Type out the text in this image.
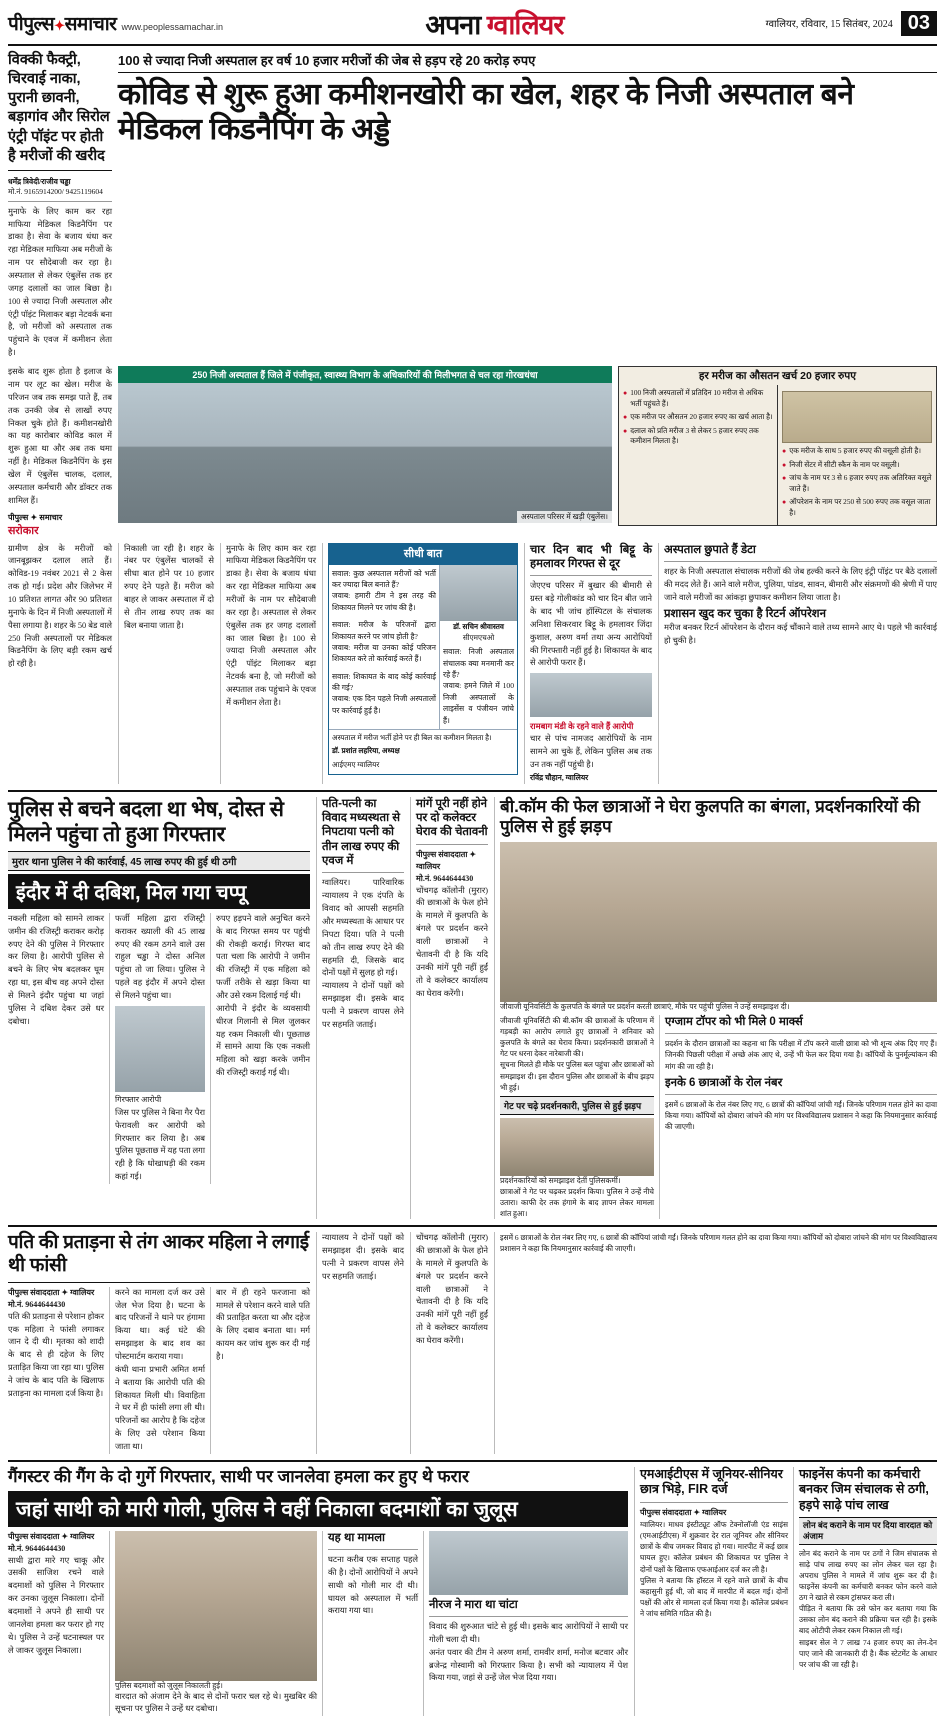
पीपुल्स✦समाचार www.peoplessamachar.in	अपना ग्वालियर	ग्वालियर, रविवार, 15 सितंबर, 2024 03
विक्की फैक्ट्री, चिरवाई नाका, पुरानी छावनी, बड़ागांव और सिरोल एंट्री पॉइंट पर होती है मरीजों की खरीद
धर्मेंद्र त्रिवेदी/राजीव चड्ढा
मो.नं. 9165914200/ 9425119604
मुनाफे के लिए काम कर रहा माफिया मेडिकल किडनैपिंग पर डाका है। सेवा के बजाय धंधा कर रहा मेडिकल माफिया अब मरीजों के नाम पर सौदेबाजी कर रहा है। अस्पताल से लेकर एंबुलेंस तक हर जगह दलालों का जाल बिछा है। 100 से ज्यादा निजी अस्पताल और एंट्री पॉइंट मिलाकर बड़ा नेटवर्क बना है, जो मरीजों को अस्पताल तक पहुंचाने के एवज में कमीशन लेता है।
100 से ज्यादा निजी अस्पताल हर वर्ष 10 हजार मरीजों की जेब से हड़प रहे 20 करोड़ रुपए
कोविड से शुरू हुआ कमीशनखोरी का खेल, शहर के निजी अस्पताल बने मेडिकल किडनैपिंग के अड्डे
इसके बाद शुरू होता है इलाज के नाम पर लूट का खेल। मरीज के परिजन जब तक समझ पाते हैं, तब तक उनकी जेब से लाखों रुपए निकल चुके होते हैं। कमीशनखोरी का यह कारोबार कोविड काल में शुरू हुआ था और अब तक थमा नहीं है। मेडिकल किडनैपिंग के इस खेल में एंबुलेंस चालक, दलाल, अस्पताल कर्मचारी और डॉक्टर तक शामिल हैं।
पीपुल्स ✦ समाचार
सरोकार
250 निजी अस्पताल हैं जिले में पंजीकृत, स्वास्थ्य विभाग के अधिकारियों की मिलीभगत से चल रहा गोरखधंधा
अस्पताल परिसर में खड़ी एंबुलेंस।
हर मरीज का औसतन खर्च 20 हजार रुपए
● 100 निजी अस्पतालों में प्रतिदिन 10 मरीज से अधिक भर्ती पहुंचते हैं।
● एक मरीज पर औसतन 20 हजार रुपए का खर्च आता है।
● दलाल को प्रति मरीज 3 से लेकर 5 हजार रुपए तक कमीशन मिलता है।
● एक मरीज के साथ 5 हजार रुपए की वसूली होती है।
● निजी सेंटर में सीटी स्कैन के नाम पर वसूली।
● जांच के नाम पर 3 से 6 हजार रुपए तक अतिरिक्त वसूले जाते हैं।
● ऑपरेशन के नाम पर 250 से 500 रुपए तक वसूल जाता है।
ग्रामीण क्षेत्र के मरीजों को जानबूझकर दलाल लाते हैं। कोविड-19 नवंबर 2021 से 2 केस तक हो गई। प्रदेश और जिलेभर में 10 प्रतिशत लागत और 90 प्रतिशत मुनाफे के दिन में निजी अस्पतालों में पैसा लगाया है। शहर के 50 बेड वाले 250 निजी अस्पतालों पर मेडिकल किडनैपिंग के लिए बड़ी रकम खर्च हो रही है।
निकाली जा रही है। शहर के नंबर पर एंबुलेंस चालकों से सीधा बात होने पर 10 हजार रुपए देने पड़ते हैं। मरीज को बाहर ले जाकर अस्पताल में दो से तीन लाख रुपए तक का बिल बनाया जाता है।
मुनाफे के लिए काम कर रहा माफिया मेडिकल किडनैपिंग पर डाका है। सेवा के बजाय धंधा कर रहा मेडिकल माफिया अब मरीजों के नाम पर सौदेबाजी कर रहा है। अस्पताल से लेकर एंबुलेंस तक हर जगह दलालों का जाल बिछा है। 100 से ज्यादा निजी अस्पताल और एंट्री पॉइंट मिलाकर बड़ा नेटवर्क बना है, जो मरीजों को अस्पताल तक पहुंचाने के एवज में कमीशन लेता है।
सीधी बात
सवाल: कुछ अस्पताल मरीजों को भर्ती कर ज्यादा बिल बनाते हैं?
जवाब: हमारी टीम ने इस तरह की शिकायत मिलने पर जांच की है।
सवाल: मरीज के परिजनों द्वारा शिकायत करने पर जांच होती है?
जवाब: मरीज या उनका कोई परिजन शिकायत करे तो कार्रवाई करते हैं।
सवाल: शिकायत के बाद कोई कार्रवाई की गई?
जवाब: एक दिन पहले निजी अस्पतालों पर कार्रवाई हुई है।
डॉ. सचिन श्रीवास्तव
सीएमएचओ
सवाल: निजी अस्पताल संचालक क्या मनमानी कर रहे हैं?
जवाब: हमने जिले में 100 निजी अस्पतालों के लाइसेंस व पंजीयन जांचे हैं।
अस्पताल में मरीज भर्ती होने पर ही बिल का कमीशन मिलता है।
डॉ. प्रशांत लहरिया, अध्यक्ष
आईएमए ग्वालियर
चार दिन बाद भी बिट्टू के हमलावर गिरफ्त से दूर
जेएएच परिसर में बुखार की बीमारी से ग्रस्त बड़े गोलीकांड को चार दिन बीत जाने के बाद भी जांच हॉस्पिटल के संचालक अनिशा सिकरवार बिट्टू के हमलावर जिंदा कुशाल, अरुण वर्मा तथा अन्य आरोपियों की गिरफ्तारी नहीं हुई है। शिकायत के बाद से आरोपी फरार हैं।
रामबाग मंडी के रहने वाले हैं आरोपी
चार से पांच नामजद आरोपियों के नाम सामने आ चुके हैं, लेकिन पुलिस अब तक उन तक नहीं पहुंची है।
रविंद्र चौहान, ग्वालियर
अस्पताल छुपाते हैं डेटा
शहर के निजी अस्पताल संचालक मरीजों की जेब हल्की करने के लिए इंट्री पॉइंट पर बैठे दलालों की मदद लेते हैं। आने वाले मरीज, पुलिया, पांडव, सावन, बीमारी और संक्रमणों की श्रेणी में पाए जाने वाले मरीजों का आंकड़ा छुपाकर कमीशन लिया जाता है।
प्रशासन खुद कर चुका है रिटर्न ऑपरेशन
मरीज बनकर रिटर्न ऑपरेशन के दौरान कई चौंकाने वाले तथ्य सामने आए थे। पहले भी कार्रवाई हो चुकी है।
पुलिस से बचने बदला था भेष, दोस्त से मिलने पहुंचा तो हुआ गिरफ्तार
मुरार थाना पुलिस ने की कार्रवाई, 45 लाख रुपए की हुई थी ठगी
इंदौर में दी दबिश, मिल गया चप्पू
नकली महिला को सामने लाकर जमीन की रजिस्ट्री कराकर करोड़ रुपए देने की पुलिस ने गिरफ्तार कर लिया है। आरोपी पुलिस से बचने के लिए भेष बदलकर घूम रहा था, इस बीच वह अपने दोस्त से मिलने इंदौर पहुंचा था जहां पुलिस ने दबिश देकर उसे धर दबोचा।
फर्जी महिला द्वारा रजिस्ट्री कराकर ख्याली की 45 लाख रुपए की रकम ठगने वाले उस राहुल चड्ढा ने दोस्त अनिल पहुंचा तो जा लिया। पुलिस ने पहले वह इंदौर में अपने दोस्त से मिलने पहुंचा था।
गिरफ्तार आरोपी
जिस पर पुलिस ने बिना गैर पैरा फेरावली कर आरोपी को गिरफ्तार कर लिया है। अब पुलिस पूछताछ में यह पता लगा रही है कि धोखाधड़ी की रकम कहां गई।
रुपए हड़पने वाले अनुचित करने के बाद गिरफ्त समय पर पहुंची की रोकड़ी कराई। गिरफ्त बाद पता चला कि आरोपी ने जमीन की रजिस्ट्री में एक महिला को फर्जी तरीके से खड़ा किया था और उसे रकम दिलाई गई थी।
आरोपी ने इंदौर के व्यवसायी धीरज गिलानी से मिल जुलकर यह रकम निकाली थी। पूछताछ में सामने आया कि एक नकली महिला को खड़ा करके जमीन की रजिस्ट्री कराई गई थी।
पति-पत्नी का विवाद मध्यस्थता से निपटाया पत्नी को तीन लाख रुपए की एवज में
ग्वालियर। पारिवारिक न्यायालय ने एक दंपति के विवाद को आपसी सहमति और मध्यस्थता के आधार पर निपटा दिया। पति ने पत्नी को तीन लाख रुपए देने की सहमति दी, जिसके बाद दोनों पक्षों में सुलह हो गई।
न्यायालय ने दोनों पक्षों को समझाइश दी। इसके बाद पत्नी ने प्रकरण वापस लेने पर सहमति जताई।
मांगें पूरी नहीं होने पर दो कलेक्टर घेराव की चेतावनी
पीपुल्स संवाददाता ✦ ग्वालियर
मो.नं. 9644644430
चोंचगढ़ कॉलोनी (मुरार) की छात्राओं के फेल होने के मामले में कुलपति के बंगले पर प्रदर्शन करने वाली छात्राओं ने चेतावनी दी है कि यदि उनकी मांगें पूरी नहीं हुईं तो वे कलेक्टर कार्यालय का घेराव करेंगी।
बी.कॉम की फेल छात्राओं ने घेरा कुलपति का बंगला, प्रदर्शनकारियों की पुलिस से हुई झड़प
जीवाजी यूनिवर्सिटी के कुलपति के बंगले पर प्रदर्शन करती छात्राएं, मौके पर पहुंची पुलिस ने उन्हें समझाइश दी।
जीवाजी यूनिवर्सिटी की बी.कॉम की छात्राओं के परिणाम में गड़बड़ी का आरोप लगाते हुए छात्राओं ने शनिवार को कुलपति के बंगले का घेराव किया। प्रदर्शनकारी छात्राओं ने गेट पर धरना देकर नारेबाजी की।
सूचना मिलते ही मौके पर पुलिस बल पहुंचा और छात्राओं को समझाइश दी। इस दौरान पुलिस और छात्राओं के बीच झड़प भी हुई।
गेट पर चढ़े प्रदर्शनकारी, पुलिस से हुई झड़प
प्रदर्शनकारियों को समझाइश देतीं पुलिसकर्मी।
छात्राओं ने गेट पर चढ़कर प्रदर्शन किया। पुलिस ने उन्हें नीचे उतारा। काफी देर तक हंगामे के बाद ज्ञापन लेकर मामला शांत हुआ।
एग्जाम टॉपर को भी मिले 0 मार्क्स
प्रदर्शन के दौरान छात्राओं का कहना था कि परीक्षा में टॉप करने वाली छात्रा को भी शून्य अंक दिए गए हैं। जिनकी पिछली परीक्षा में अच्छे अंक आए थे, उन्हें भी फेल कर दिया गया है। कॉपियों के पुनर्मूल्यांकन की मांग की जा रही है।
इनके 6 छात्राओं के रोल नंबर
इसमें 6 छात्राओं के रोल नंबर लिए गए, 6 छात्रों की कॉपियां जांची गईं। जिनके परिणाम गलत होने का दावा किया गया। कॉपियों को दोबारा जांचने की मांग पर विश्वविद्यालय प्रशासन ने कहा कि नियमानुसार कार्रवाई की जाएगी।
पति की प्रताड़ना से तंग आकर महिला ने लगाई थी फांसी
पीपुल्स संवाददाता ✦ ग्वालियर
मो.नं. 9644644430
पति की प्रताड़ना से परेशान होकर एक महिला ने फांसी लगाकर जान दे दी थी। मृतका को शादी के बाद से ही दहेज के लिए प्रताड़ित किया जा रहा था। पुलिस ने जांच के बाद पति के खिलाफ प्रताड़ना का मामला दर्ज किया है।
करने का मामला दर्ज कर उसे जेल भेज दिया है। घटना के बाद परिजनों ने थाने पर हंगामा किया था। कई घंटे की समझाइश के बाद शव का पोस्टमार्टम कराया गया।
कंघी थाना प्रभारी अमित शर्मा ने बताया कि आरोपी पति की शिकायत मिली थी। विवाहिता ने घर में ही फांसी लगा ली थी। परिजनों का आरोप है कि दहेज के लिए उसे परेशान किया जाता था।
बार में ही रहने फरजाना को मामले से परेशान करने वाले पति की प्रताड़ित करता था और दहेज के लिए दबाव बनाता था। मर्ग कायम कर जांच शुरू कर दी गई है।
न्यायालय ने दोनों पक्षों को समझाइश दी। इसके बाद पत्नी ने प्रकरण वापस लेने पर सहमति जताई।
चोंचगढ़ कॉलोनी (मुरार) की छात्राओं के फेल होने के मामले में कुलपति के बंगले पर प्रदर्शन करने वाली छात्राओं ने चेतावनी दी है कि यदि उनकी मांगें पूरी नहीं हुईं तो वे कलेक्टर कार्यालय का घेराव करेंगी।
इसमें 6 छात्राओं के रोल नंबर लिए गए, 6 छात्रों की कॉपियां जांची गईं। जिनके परिणाम गलत होने का दावा किया गया। कॉपियों को दोबारा जांचने की मांग पर विश्वविद्यालय प्रशासन ने कहा कि नियमानुसार कार्रवाई की जाएगी।
गैंगस्टर की गैंग के दो गुर्गे गिरफ्तार, साथी पर जानलेवा हमला कर हुए थे फरार
जहां साथी को मारी गोली, पुलिस ने वहीं निकाला बदमाशों का जुलूस
पीपुल्स संवाददाता ✦ ग्वालियर
मो.नं. 9644644430
साथी द्वारा मारे गए चाकू और उसकी साजिश रचने वाले बदमाशों को पुलिस ने गिरफ्तार कर उनका जुलूस निकाला। दोनों बदमाशों ने अपने ही साथी पर जानलेवा हमला कर फरार हो गए थे। पुलिस ने उन्हें घटनास्थल पर ले जाकर जुलूस निकाला।
पुलिस बदमाशों को जुलूस निकालती हुई।
वारदात को अंजाम देने के बाद से दोनों फरार चल रहे थे। मुखबिर की सूचना पर पुलिस ने उन्हें धर दबोचा।
यह था मामला
घटना करीब एक सप्ताह पहले की है। दोनों आरोपियों ने अपने साथी को गोली मार दी थी। घायल को अस्पताल में भर्ती कराया गया था।
नीरज ने मारा था चांटा
विवाद की शुरुआत चांटे से हुई थी। इसके बाद आरोपियों ने साथी पर गोली चला दी थी।
अनंत पवार की टीम ने अरुण शर्मा, रामवीर शर्मा, मनोज बटवार और ब्रजेन्द्र गोस्वामी को गिरफ्तार किया है। सभी को न्यायालय में पेश किया गया, जहां से उन्हें जेल भेज दिया गया।
एमआईटीएस में जूनियर-सीनियर छात्र भिड़े, FIR दर्ज
पीपुल्स संवाददाता ✦ ग्वालियर
ग्वालियर। माधव इंस्टीट्यूट ऑफ टेक्नोलॉजी एंड साइंस (एमआईटीएस) में शुक्रवार देर रात जूनियर और सीनियर छात्रों के बीच जमकर विवाद हो गया। मारपीट में कई छात्र घायल हुए। कॉलेज प्रबंधन की शिकायत पर पुलिस ने दोनों पक्षों के खिलाफ एफआईआर दर्ज कर ली है।
पुलिस ने बताया कि हॉस्टल में रहने वाले छात्रों के बीच कहासुनी हुई थी, जो बाद में मारपीट में बदल गई। दोनों पक्षों की ओर से मामला दर्ज किया गया है। कॉलेज प्रबंधन ने जांच समिति गठित की है।
फाइनेंस कंपनी का कर्मचारी बनकर जिम संचालक से ठगी, हड़पे साढ़े पांच लाख
लोन बंद कराने के नाम पर दिया वारदात को अंजाम
लोन बंद कराने के नाम पर ठगों ने जिम संचालक से साढ़े पांच लाख रुपए का लोन लेकर चल रहा है। अपराध पुलिस ने मामले में जांच शुरू कर दी है। फाइनेंस कंपनी का कर्मचारी बनकर फोन करने वाले ठग ने खाते से रकम ट्रांसफर करा ली।
पीड़ित ने बताया कि उसे फोन कर बताया गया कि उसका लोन बंद कराने की प्रक्रिया चल रही है। इसके बाद ओटीपी लेकर रकम निकाल ली गई।
साइबर सेल ने 7 लाख 74 हजार रुपए का लेन-देन पाए जाने की जानकारी दी है। बैंक स्टेटमेंट के आधार पर जांच की जा रही है।
